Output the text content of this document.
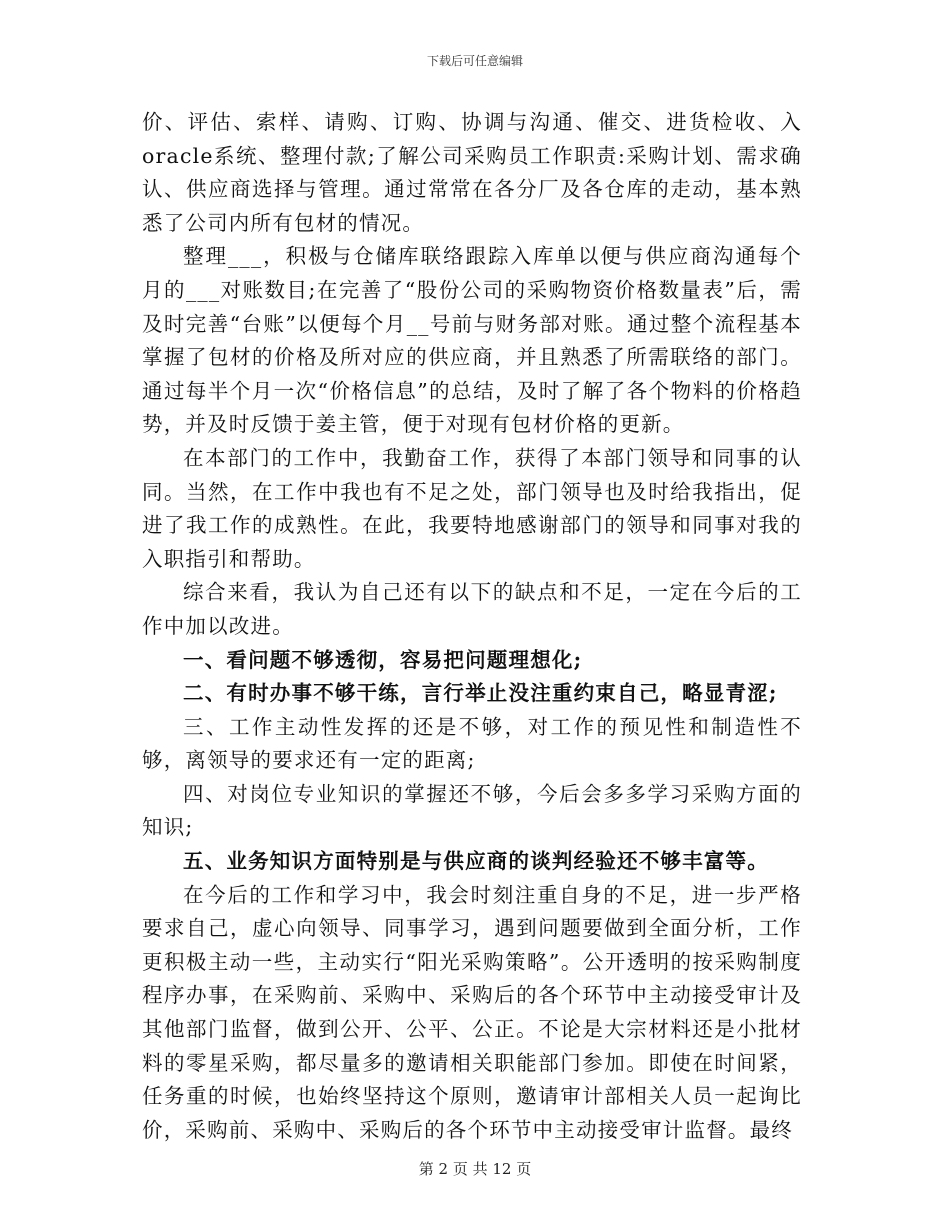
下载后可任意编辑

价、评估、索样、请购、订购、协调与沟通、催交、进货检收、入oracle系统、整理付款;了解公司采购员工作职责:采购计划、需求确认、供应商选择与管理。通过常常在各分厂及各仓库的走动，基本熟悉了公司内所有包材的情况。

整理___，积极与仓储库联络跟踪入库单以便与供应商沟通每个月的___对账数目;在完善了“股份公司的采购物资价格数量表”后，需及时完善“台账”以便每个月__号前与财务部对账。通过整个流程基本掌握了包材的价格及所对应的供应商，并且熟悉了所需联络的部门。通过每半个月一次“价格信息”的总结，及时了解了各个物料的价格趋势，并及时反馈于姜主管，便于对现有包材价格的更新。

在本部门的工作中，我勤奋工作，获得了本部门领导和同事的认同。当然，在工作中我也有不足之处，部门领导也及时给我指出，促进了我工作的成熟性。在此，我要特地感谢部门的领导和同事对我的入职指引和帮助。

综合来看，我认为自己还有以下的缺点和不足，一定在今后的工作中加以改进。

一、看问题不够透彻，容易把问题理想化;

二、有时办事不够干练，言行举止没注重约束自己，略显青涩;

三、工作主动性发挥的还是不够，对工作的预见性和制造性不够，离领导的要求还有一定的距离;

四、对岗位专业知识的掌握还不够，今后会多多学习采购方面的知识;

五、业务知识方面特别是与供应商的谈判经验还不够丰富等。

在今后的工作和学习中，我会时刻注重自身的不足，进一步严格要求自己，虚心向领导、同事学习，遇到问题要做到全面分析，工作更积极主动一些，主动实行“阳光采购策略”。公开透明的按采购制度程序办事，在采购前、采购中、采购后的各个环节中主动接受审计及其他部门监督，做到公开、公平、公正。不论是大宗材料还是小批材料的零星采购，都尽量多的邀请相关职能部门参加。即使在时间紧，任务重的时候，也始终坚持这个原则，邀请审计部相关人员一起询比价，采购前、采购中、采购后的各个环节中主动接受审计监督。最终

第 2 页 共 12 页
